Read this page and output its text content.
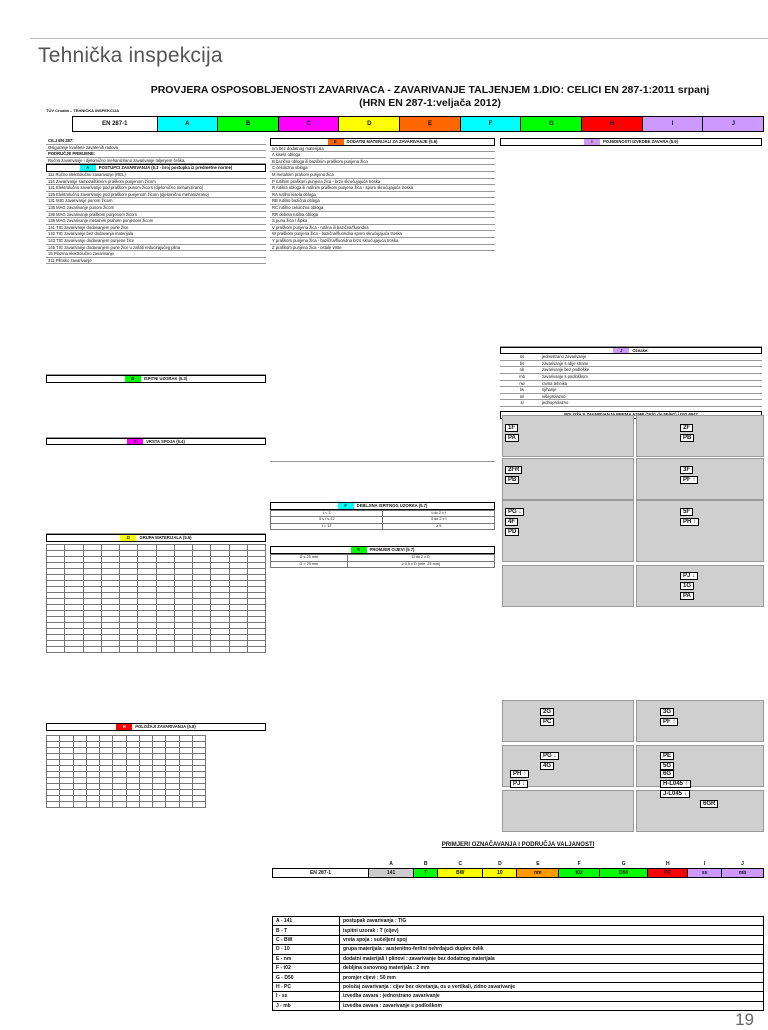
Tehnička inspekcija
PROVJERA OSPOSOBLJENOSTI ZAVARIVACA - ZAVARIVANJE TALJENJEM 1.DIO: CELICI EN 287-1:2011 srpanj
(HRN EN 287-1:veljača 2012)
TÜV Croatia – TEHNIČKA INSPEKCIJA
EN 287-1	A	B	C	D	E	F	G	H	I	J
CILJ EN 287:
Osiguranje kvalitete zavarenih radova.
PODRUČJE PRIMJENE:
Ručno zavarivanje i djelomično mehanizirano zavarivanje taljenjem čelika.
A POSTUPCI ZAVARIVANJA (5.3 - broj postupka iz predmetne norme)
111 Ručno elektrolučno zavarivanje (REL)
114 Zavarivanje samozaštitnom praškom punjenom žicom
121 Elektrolučno zavarivanje pod praškom punom žicom (djelomično mehanizirano)
125 Elektrolučno zavarivanje pod praškom punjenom žicom (djelomično mehanizirano)
131 MIG zavarivanje punom žicom
135 MAG zavarivanje punom žicom
136 MAG zavarivanje praškom punjenom žicom
138 MAG zavarivanje metalnim prahom punjenom žicom
141 TIG zavarivanje dodavanjem pune žice
142 TIG zavarivanje bez dodavanja materijala
143 TIG zavarivanje dodavanjem punjene žice
145 TIG zavarivanje dodavanjem pune žice u zaštiti reducirajućeg plina
15 Plazma elektrolučno zavarivanje
311 Plinsko zavarivanje
B ISPITNI UZORAK (5.3)
C VRSTA SPOJA (5.4)
D GRUPA MATERIJALA (5.5)

H POLOŽAJI ZAVARIVANJA (5.8)

E DODATNI MATERIJALI ZA ZAVARIVANJE (5.6)
nm bez dodatnog materijala
A kisela obloga
B bazična obloga ili bazičnim praškom punjena žica
C celulozna obloga
M metalnim prahom punjena žica
P rutilnim praškom punjena žica - brzo skrućujajuća troska
R rutilna obloga ili rutilnim praškom punjena žica - sporo skrućujajuća troska
RA rutilno kisela obloga
RB rutilno bazična obloga
RC rutilno celulozna obloga
RR debela rutilna obloga
S puna žica / šipka
V praškom punjena žica - rutilna ili bazična/fluoridna
W praškom punjena žica - bazična/fluoridna sporo skrućujajuća troska
Y praškom punjena žica - bazična/fluoridna brzo skrućujajuća troska
Z praškom punjena žica - ostale vrste
F DEBLJINA ISPITNOG UZORKA (5.7)
t < 3	t do 2 x t
3 ≤ t ≤ 12	3 do 2 x t
t > 12	≥ 5
G PROMJER CIJEVI (5.7)
D ≤ 25 mm	D do 2 x D
D > 25 mm	≥ 0,5 x D (min. 25 mm)
I POJEDINOSTI IZVEDBE ZAVARA (5.9)
J Oznake:
ss	jednostrano zavarivanje
bs	zavarivanje s obje strane
nb	zavarivanje bez podloške
mb	zavarivanje s podloškom
nw	ravna tehnika
lw	njihanje
ml	višeprolazno
sl	jednoprolazno
1F
PA
2F
PB
2FR
PB
3F
PF ↑
PG ↓
4F
PD
5F
PH ↑
PJ ↓
1G
PA
2G
PC
3G
PF ↑
PG ↓
4G
PE
5G
PH ↑
PJ ↓
6G
H-L045 ↑
J-L045 ↓
6GR
PRIMJERI OZNAČAVANJA I PODRUČJA VALJANOSTI
	A	B	C	D	E	F	G	H	I	J
EN 287-1	141	T	BW	10	nm	t02	D50	PC	ss	mb
A - 141	postupak zavarivanja : TIG
B - T	ispitni uzorak : T (cijev)
C - BW	vrsta spoja : sučeljeni spoj
D - 10	grupa materijala : austenitno-feritni nehrđajući duplex čelik
E - nm	dodatni materijali i plinovi : zavarivanje bez dodatnog materijala
F - t02	debljina osnovnog materijala : 2 mm
G - D50	promjer cijevi : 50 mm
H - PC	položaj zavarivanja : cijev bez okretanja, os u vertikali, zidno zavarivanje
I - ss	izvedba zavara : jednostrano zavarivanje
J - mb	izvedba zavara : zavarivanje s podloškom
19
